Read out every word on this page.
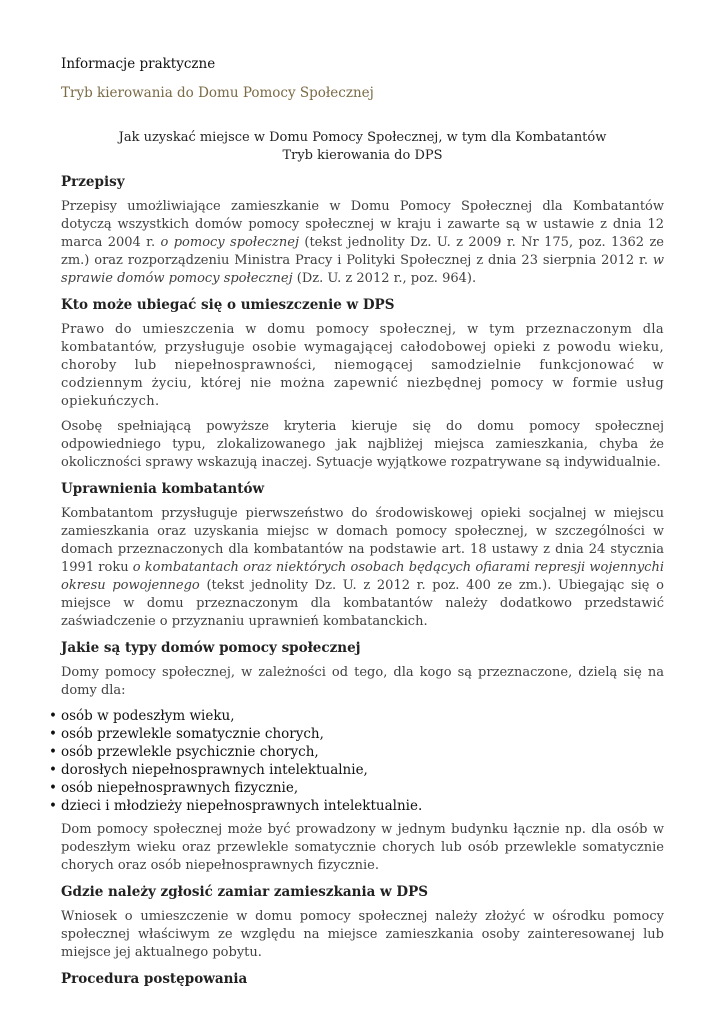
Informacje praktyczne
Tryb kierowania do Domu Pomocy Społecznej
Jak uzyskać miejsce w Domu Pomocy Społecznej, w tym dla Kombatantów
Tryb kierowania do DPS
Przepisy

Przepisy umożliwiające zamieszkanie w Domu Pomocy Społecznej dla Kombatantów dotyczą wszystkich domów pomocy społecznej w kraju i zawarte są w ustawie z dnia 12 marca 2004 r. o pomocy społecznej (tekst jednolity Dz. U. z 2009 r. Nr 175, poz. 1362 ze zm.) oraz rozporządzeniu Ministra Pracy i Polityki Społecznej z dnia 23 sierpnia 2012 r. w sprawie domów pomocy społecznej (Dz. U. z 2012 r., poz. 964).

Kto może ubiegać się o umieszczenie w DPS

Prawo do umieszczenia w domu pomocy społecznej, w tym przeznaczonym dla kombatantów, przysługuje osobie wymagającej całodobowej opieki z powodu wieku, choroby lub niepełnosprawności, niemogącej samodzielnie funkcjonować w codziennym życiu, której nie można zapewnić niezbędnej pomocy w formie usług opiekuńczych.

Osobę spełniającą powyższe kryteria kieruje się do domu pomocy społecznej odpowiedniego typu, zlokalizowanego jak najbliżej miejsca zamieszkania, chyba że okoliczności sprawy wskazują inaczej. Sytuacje wyjątkowe rozpatrywane są indywidualnie.

Uprawnienia kombatantów

Kombatantom przysługuje pierwszeństwo do środowiskowej opieki socjalnej w miejscu zamieszkania oraz uzyskania miejsc w domach pomocy społecznej, w szczególności w domach przeznaczonych dla kombatantów na podstawie art. 18 ustawy z dnia 24 stycznia 1991 roku o kombatantach oraz niektórych osobach będących ofiarami represji wojennychi okresu powojennego (tekst jednolity Dz. U. z 2012 r. poz. 400 ze zm.). Ubiegając się o miejsce w domu przeznaczonym dla kombatantów należy dodatkowo przedstawić zaświadczenie o przyznaniu uprawnień kombatanckich.

Jakie są typy domów pomocy społecznej

Domy pomocy społecznej, w zależności od tego, dla kogo są przeznaczone, dzielą się na domy dla:

• osób w podeszłym wieku,
• osób przewlekle somatycznie chorych,
• osób przewlekle psychicznie chorych,
• dorosłych niepełnosprawnych intelektualnie,
• osób niepełnosprawnych fizycznie,
• dzieci i młodzieży niepełnosprawnych intelektualnie.

Dom pomocy społecznej może być prowadzony w jednym budynku łącznie np. dla osób w podeszłym wieku oraz przewlekle somatycznie chorych lub osób przewlekle somatycznie chorych oraz osób niepełnosprawnych fizycznie.

Gdzie należy zgłosić zamiar zamieszkania w DPS

Wniosek o umieszczenie w domu pomocy społecznej należy złożyć w ośrodku pomocy społecznej właściwym ze względu na miejsce zamieszkania osoby zainteresowanej lub miejsce jej aktualnego pobytu.

Procedura postępowania
